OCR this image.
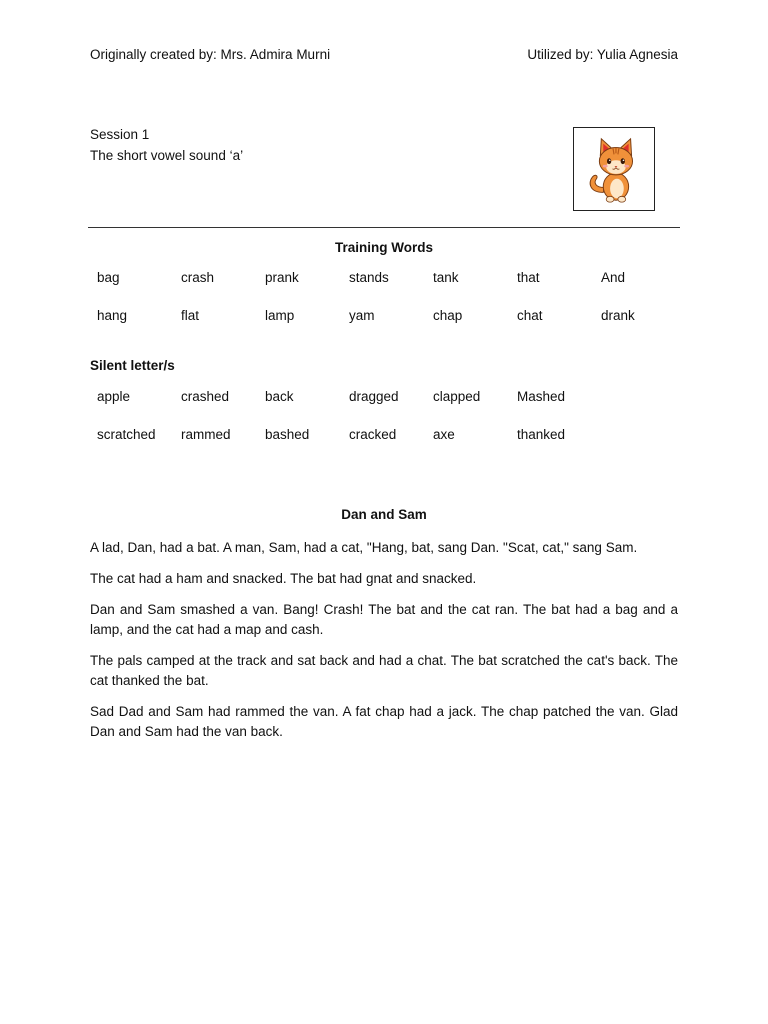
Originally created by: Mrs. Admira Murni	Utilized by: Yulia Agnesia
Session 1
The short vowel sound ‘a’
Training Words
bag	crash	prank	stands	tank	that	And
hang	flat	lamp	yam	chap	chat	drank
Silent letter/s
apple	crashed	back	dragged	clapped	Mashed
scratched	rammed	bashed	cracked	axe	thanked
Dan and Sam

A lad, Dan, had a bat. A man, Sam, had a cat, "Hang, bat, sang Dan. "Scat, cat," sang Sam.

The cat had a ham and snacked. The bat had gnat and snacked.

Dan and Sam smashed a van. Bang! Crash! The bat and the cat ran. The bat had a bag and a lamp, and the cat had a map and cash.

The pals camped at the track and sat back and had a chat. The bat scratched the cat's back. The cat thanked the bat.

Sad Dad and Sam had rammed the van. A fat chap had a jack. The chap patched the van. Glad Dan and Sam had the van back.
